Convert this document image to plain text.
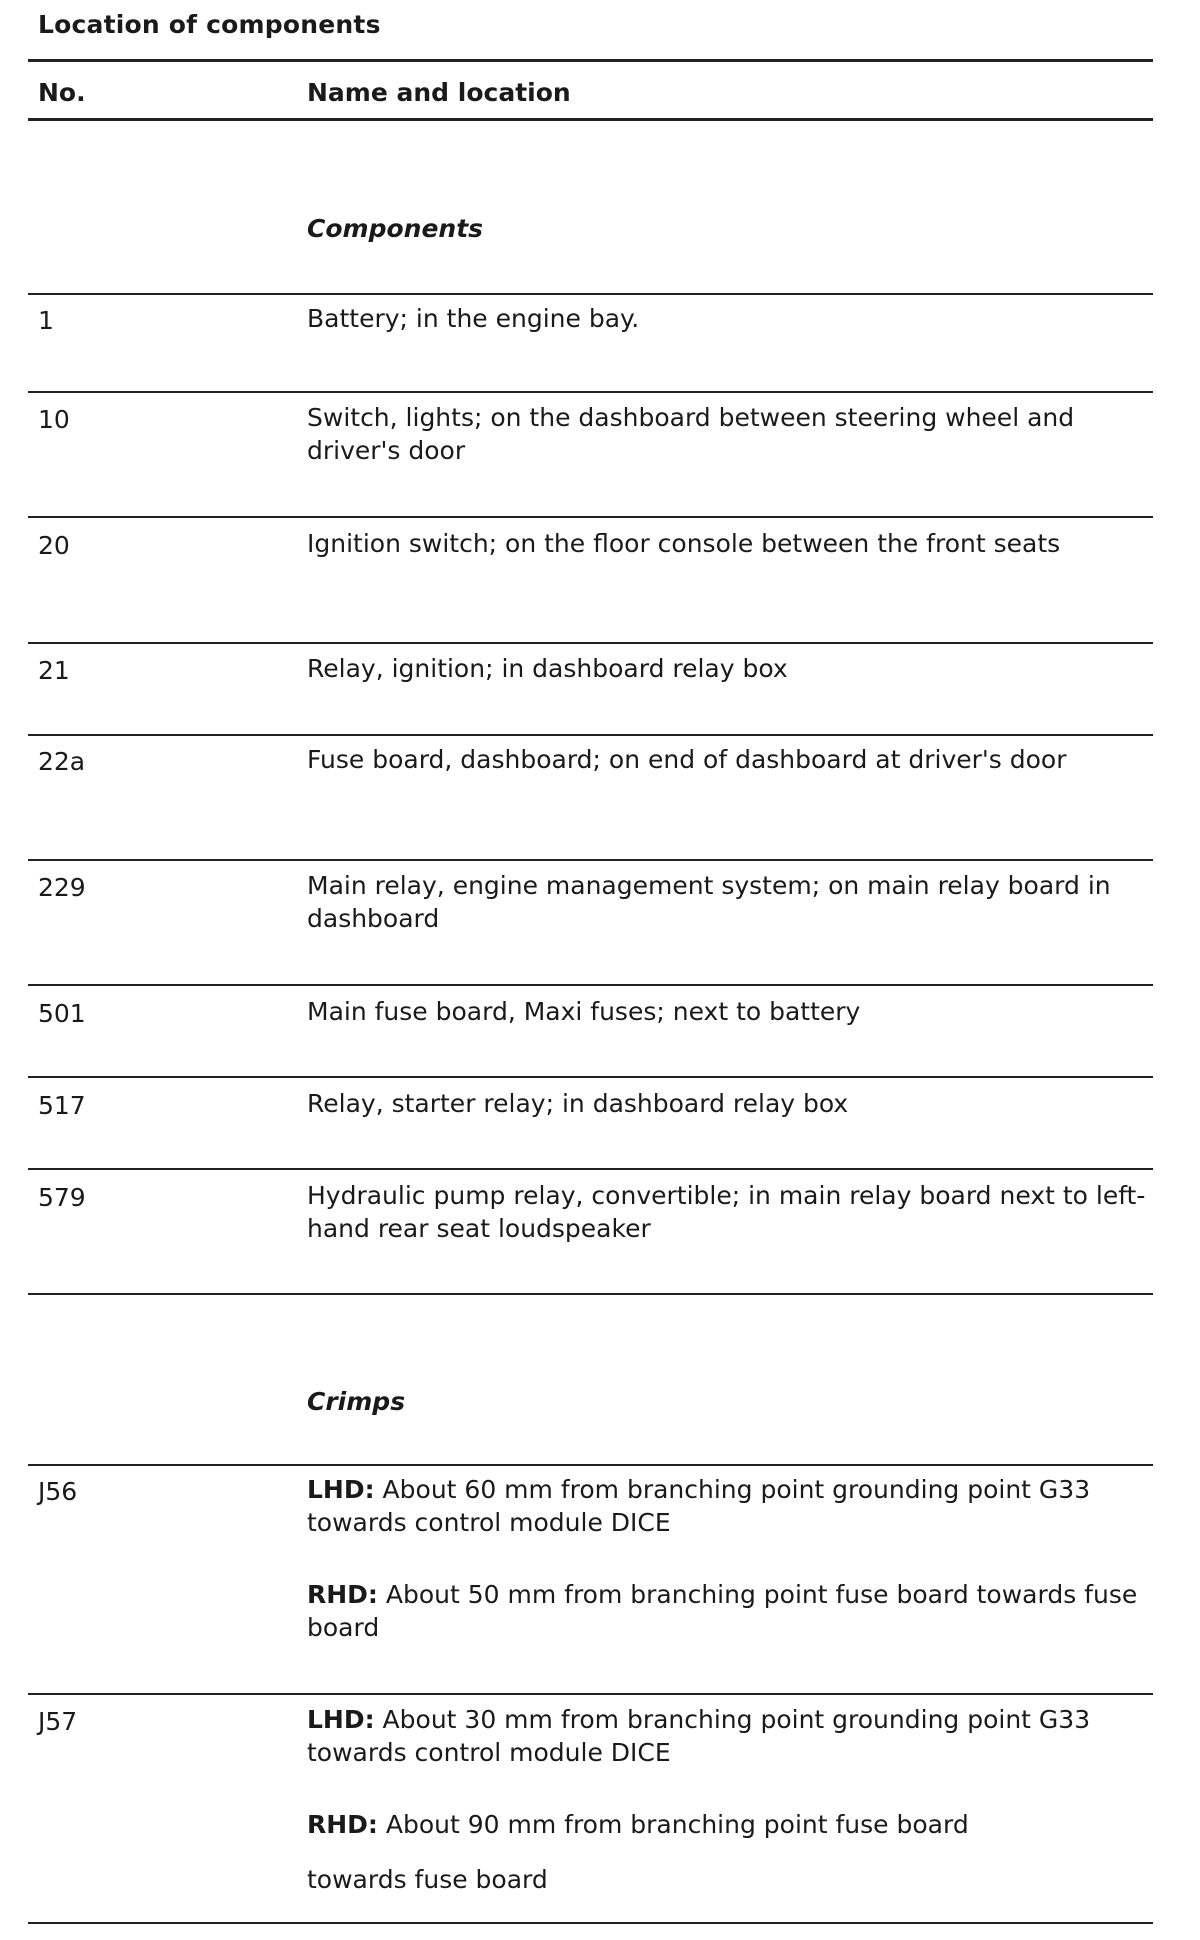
Location of components
No.	Name and location
Components
1	Battery; in the engine bay.
10	Switch, lights; on the dashboard between steering wheel and driver's door
20	Ignition switch; on the floor console between the front seats
21	Relay, ignition; in dashboard relay box
22a	Fuse board, dashboard; on end of dashboard at driver's door
229	Main relay, engine management system; on main relay board in dashboard
501	Main fuse board, Maxi fuses; next to battery
517	Relay, starter relay; in dashboard relay box
579	Hydraulic pump relay, convertible; in main relay board next to left-hand rear seat loudspeaker
Crimps
J56	LHD: About 60 mm from branching point grounding point G33 towards control module DICE
RHD: About 50 mm from branching point fuse board towards fuse board
J57	LHD: About 30 mm from branching point grounding point G33 towards control module DICE
RHD: About 90 mm from branching point fuse board
towards fuse board
